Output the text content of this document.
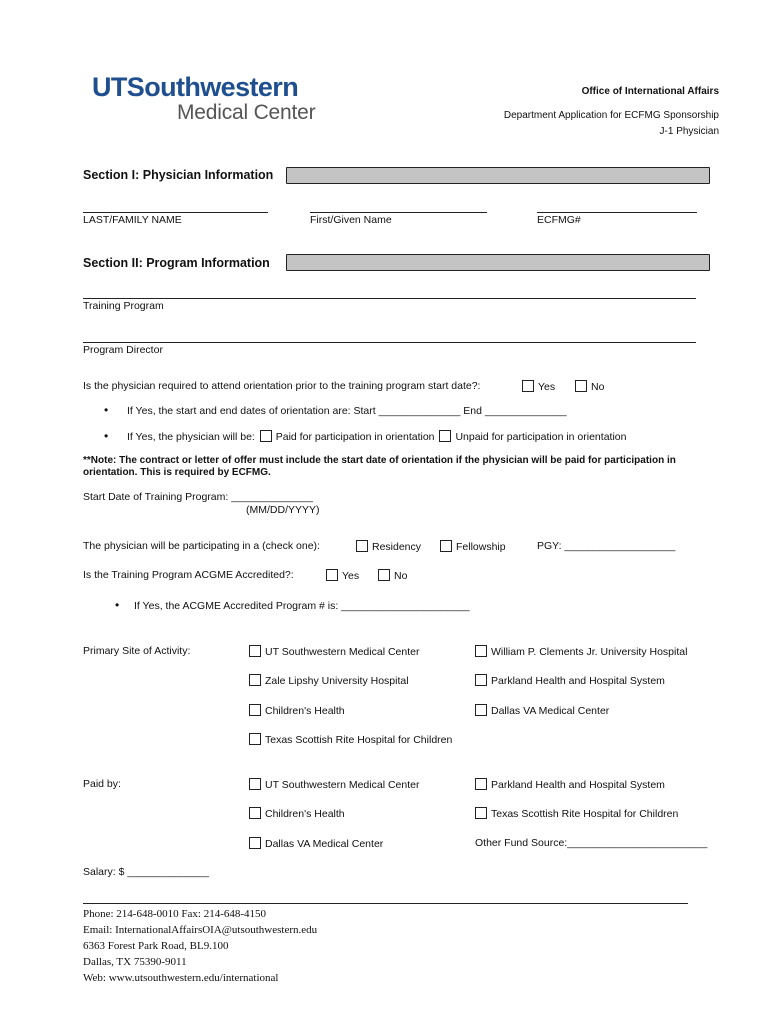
UTSouthwestern
Medical Center
Office of International Affairs
Department Application for ECFMG Sponsorship
J-1 Physician
Section I: Physician Information
LAST/FAMILY NAME	First/Given Name	ECFMG#
Section II: Program Information
Training Program
Program Director
Is the physician required to attend orientation prior to the training program start date?:	Yes	No
• If Yes, the start and end dates of orientation are: Start ______________ End ______________
• If Yes, the physician will be: Paid for participation in orientation Unpaid for participation in orientation
**Note: The contract or letter of offer must include the start date of orientation if the physician will be paid for participation in orientation. This is required by ECFMG.
Start Date of Training Program: ______________
(MM/DD/YYYY)
The physician will be participating in a (check one):	Residency	Fellowship	PGY: ___________________
Is the Training Program ACGME Accredited?:	Yes	No
• If Yes, the ACGME Accredited Program # is: ______________________
Primary Site of Activity:	UT Southwestern Medical Center	William P. Clements Jr. University Hospital
Zale Lipshy University Hospital	Parkland Health and Hospital System
Children's Health	Dallas VA Medical Center
Texas Scottish Rite Hospital for Children
Paid by:	UT Southwestern Medical Center	Parkland Health and Hospital System
Children's Health	Texas Scottish Rite Hospital for Children
Dallas VA Medical Center	Other Fund Source:________________________
Salary: $ ______________
Phone: 214-648-0010 Fax: 214-648-4150
Email: InternationalAffairsOIA@utsouthwestern.edu
6363 Forest Park Road, BL9.100
Dallas, TX 75390-9011
Web: www.utsouthwestern.edu/international
